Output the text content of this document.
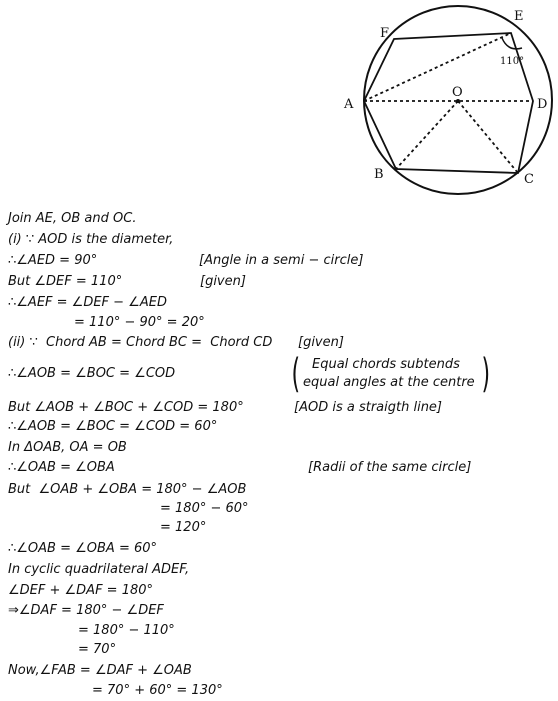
F
E
110°
A
O
D
B	C
Join AE, OB and OC.
(i) ∵ AOD is the diameter,
∴∠AED = 90°	[Angle in a semi − circle]
But ∠DEF = 110°	[given]
∴∠AEF = ∠DEF − ∠AED
= 110° − 90° = 20°
(ii) ∵  Chord AB = Chord BC =  Chord CD [given]
∴∠AOB = ∠BOC = ∠COD	( Equal chords subtends
equal angles at the centre )
But ∠AOB + ∠BOC + ∠COD = 180°	[AOD is a straigth line]
∴∠AOB = ∠BOC = ∠COD = 60°
In ΔOAB, OA = OB
∴∠OAB = ∠OBA	[Radii of the same circle]
But  ∠OAB + ∠OBA = 180° − ∠AOB
= 180° − 60°
= 120°
∴∠OAB = ∠OBA = 60°
In cyclic quadrilateral ADEF,
∠DEF + ∠DAF = 180°
⇒∠DAF = 180° − ∠DEF
= 180° − 110°
= 70°
Now,∠FAB = ∠DAF + ∠OAB
= 70° + 60° = 130°
